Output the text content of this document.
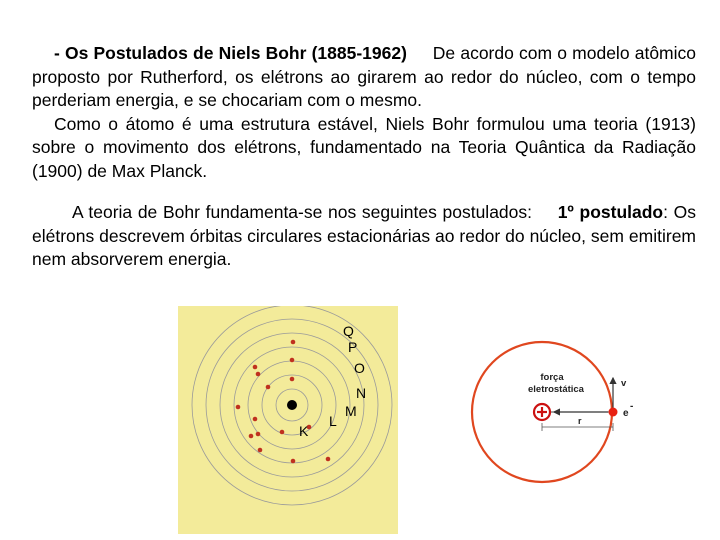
- Os Postulados de Niels Bohr (1885-1962) De acordo com o modelo atômico proposto por Rutherford, os elétrons ao girarem ao redor do núcleo, com o tempo perderiam energia, e se chocariam com o mesmo.
Como o átomo é uma estrutura estável, Niels Bohr formulou uma teoria (1913) sobre o movimento dos elétrons, fundamentado na Teoria Quântica da Radiação (1900) de Max Planck.
A teoria de Bohr fundamenta-se nos seguintes postulados: 1º postulado: Os elétrons descrevem órbitas circulares estacionárias ao redor do núcleo, sem emitirem nem absorverem energia.
Q
P
O
N
M
L
K
força
eletrostática
v
e
-
r
